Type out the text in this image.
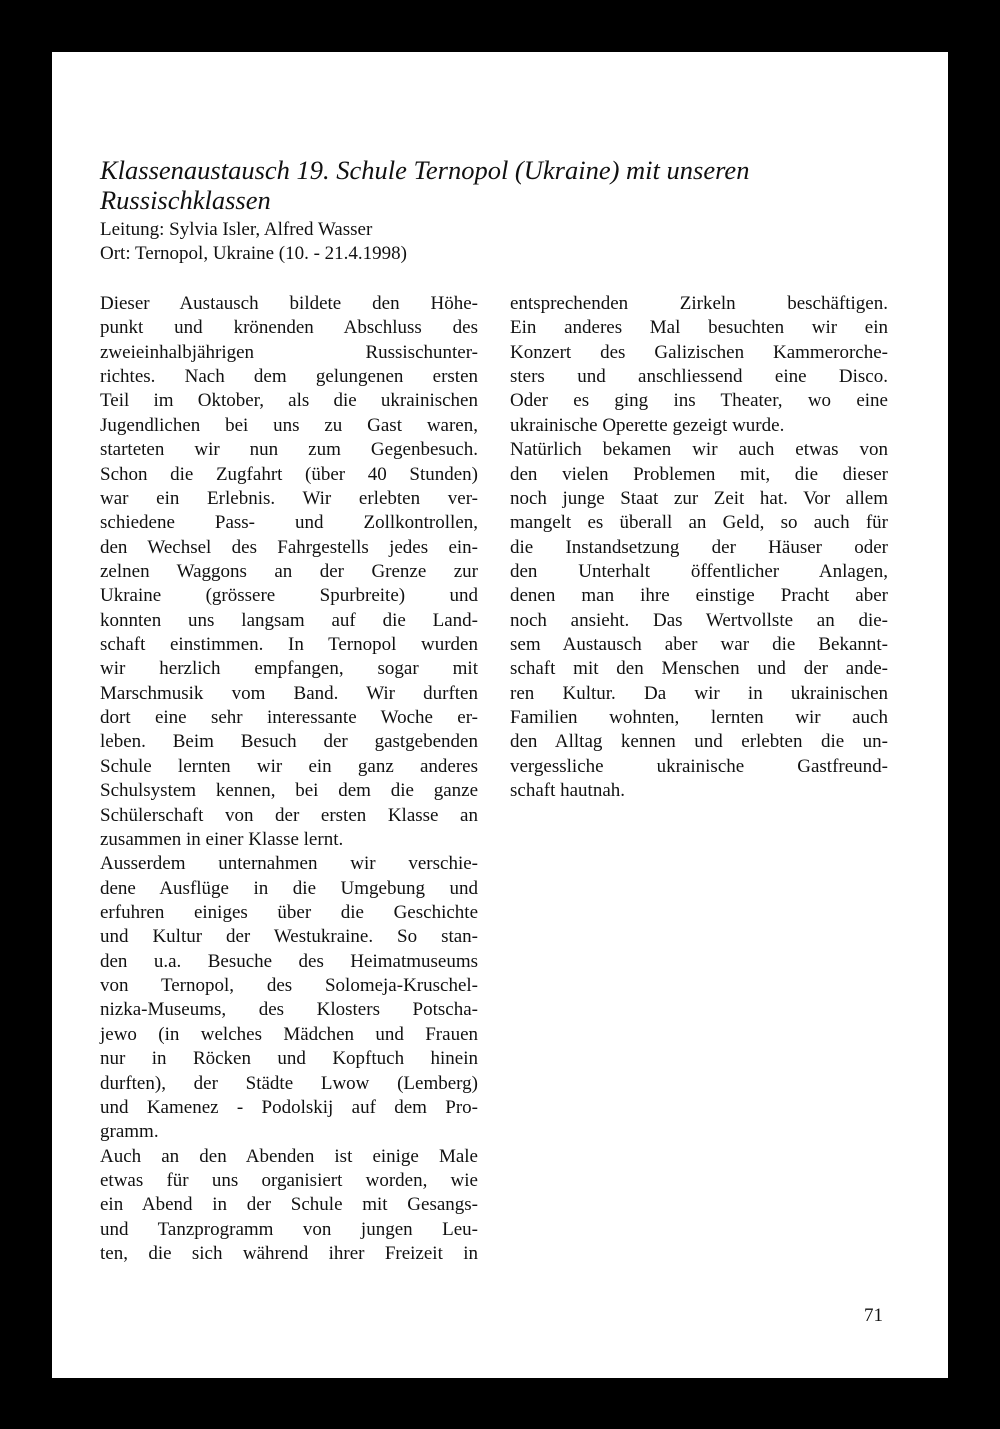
Klassenaustausch 19. Schule Ternopol (Ukraine) mit unseren
Russischklassen
Leitung: Sylvia Isler, Alfred Wasser
Ort: Ternopol, Ukraine (10. - 21.4.1998)
Dieser Austausch bildete den Höhe-
punkt und krönenden Abschluss des
zweieinhalbjährigen Russischunter-
richtes. Nach dem gelungenen ersten
Teil im Oktober, als die ukrainischen
Jugendlichen bei uns zu Gast waren,
starteten wir nun zum Gegenbesuch.
Schon die Zugfahrt (über 40 Stunden)
war ein Erlebnis. Wir erlebten ver-
schiedene Pass- und Zollkontrollen,
den Wechsel des Fahrgestells jedes ein-
zelnen Waggons an der Grenze zur
Ukraine (grössere Spurbreite) und
konnten uns langsam auf die Land-
schaft einstimmen. In Ternopol wurden
wir herzlich empfangen, sogar mit
Marschmusik vom Band. Wir durften
dort eine sehr interessante Woche er-
leben. Beim Besuch der gastgebenden
Schule lernten wir ein ganz anderes
Schulsystem kennen, bei dem die ganze
Schülerschaft von der ersten Klasse an
zusammen in einer Klasse lernt.
Ausserdem unternahmen wir verschie-
dene Ausflüge in die Umgebung und
erfuhren einiges über die Geschichte
und Kultur der Westukraine. So stan-
den u.a. Besuche des Heimatmuseums
von Ternopol, des Solomeja-Kruschel-
nizka-Museums, des Klosters Potscha-
jewo (in welches Mädchen und Frauen
nur in Röcken und Kopftuch hinein
durften), der Städte Lwow (Lemberg)
und Kamenez - Podolskij auf dem Pro-
gramm.
Auch an den Abenden ist einige Male
etwas für uns organisiert worden, wie
ein Abend in der Schule mit Gesangs-
und Tanzprogramm von jungen Leu-
ten, die sich während ihrer Freizeit in
entsprechenden Zirkeln beschäftigen.
Ein anderes Mal besuchten wir ein
Konzert des Galizischen Kammerorche-
sters und anschliessend eine Disco.
Oder es ging ins Theater, wo eine
ukrainische Operette gezeigt wurde.
Natürlich bekamen wir auch etwas von
den vielen Problemen mit, die dieser
noch junge Staat zur Zeit hat. Vor allem
mangelt es überall an Geld, so auch für
die Instandsetzung der Häuser oder
den Unterhalt öffentlicher Anlagen,
denen man ihre einstige Pracht aber
noch ansieht. Das Wertvollste an die-
sem Austausch aber war die Bekannt-
schaft mit den Menschen und der ande-
ren Kultur. Da wir in ukrainischen
Familien wohnten, lernten wir auch
den Alltag kennen und erlebten die un-
vergessliche ukrainische Gastfreund-
schaft hautnah.
71
